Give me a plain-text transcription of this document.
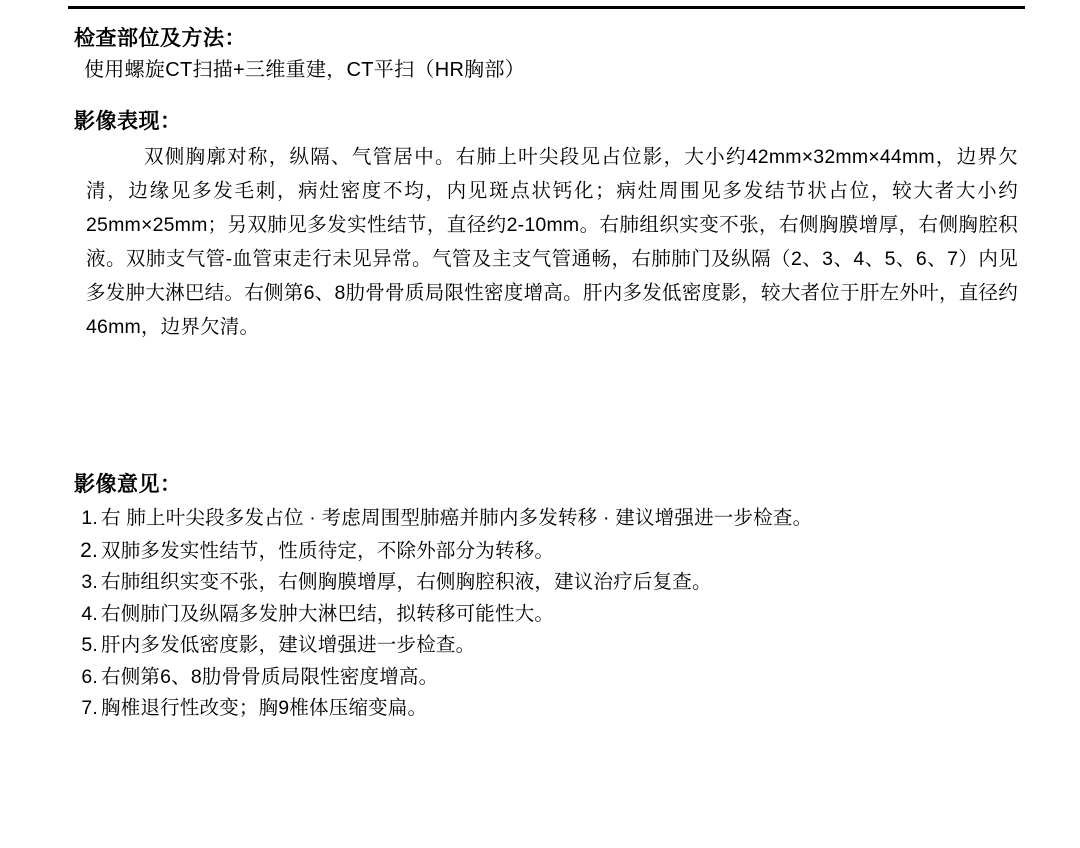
检查部位及方法：
使用螺旋CT扫描+三维重建，CT平扫（HR胸部）
影像表现：
双侧胸廓对称，纵隔、气管居中。右肺上叶尖段见占位影，大小约42mm×32mm×44mm，边界欠清，边缘见多发毛刺，病灶密度不均，内见斑点状钙化；病灶周围见多发结节状占位，较大者大小约25mm×25mm；另双肺见多发实性结节，直径约2-10mm。右肺组织实变不张，右侧胸膜增厚，右侧胸腔积液。双肺支气管-血管束走行未见异常。气管及主支气管通畅，右肺肺门及纵隔（2、3、4、5、6、7）内见多发肿大淋巴结。右侧第6、8肋骨骨质局限性密度增高。肝内多发低密度影，较大者位于肝左外叶，直径约46mm，边界欠清。
影像意见：
1. 右 肺上叶尖段多发占位 · 考虑周围型肺癌并肺内多发转移 · 建议增强进一步检查。
2. 双肺多发实性结节，性质待定，不除外部分为转移。
3. 右肺组织实变不张，右侧胸膜增厚，右侧胸腔积液，建议治疗后复查。
4. 右侧肺门及纵隔多发肿大淋巴结，拟转移可能性大。
5. 肝内多发低密度影，建议增强进一步检查。
6. 右侧第6、8肋骨骨质局限性密度增高。
7. 胸椎退行性改变；胸9椎体压缩变扁。
